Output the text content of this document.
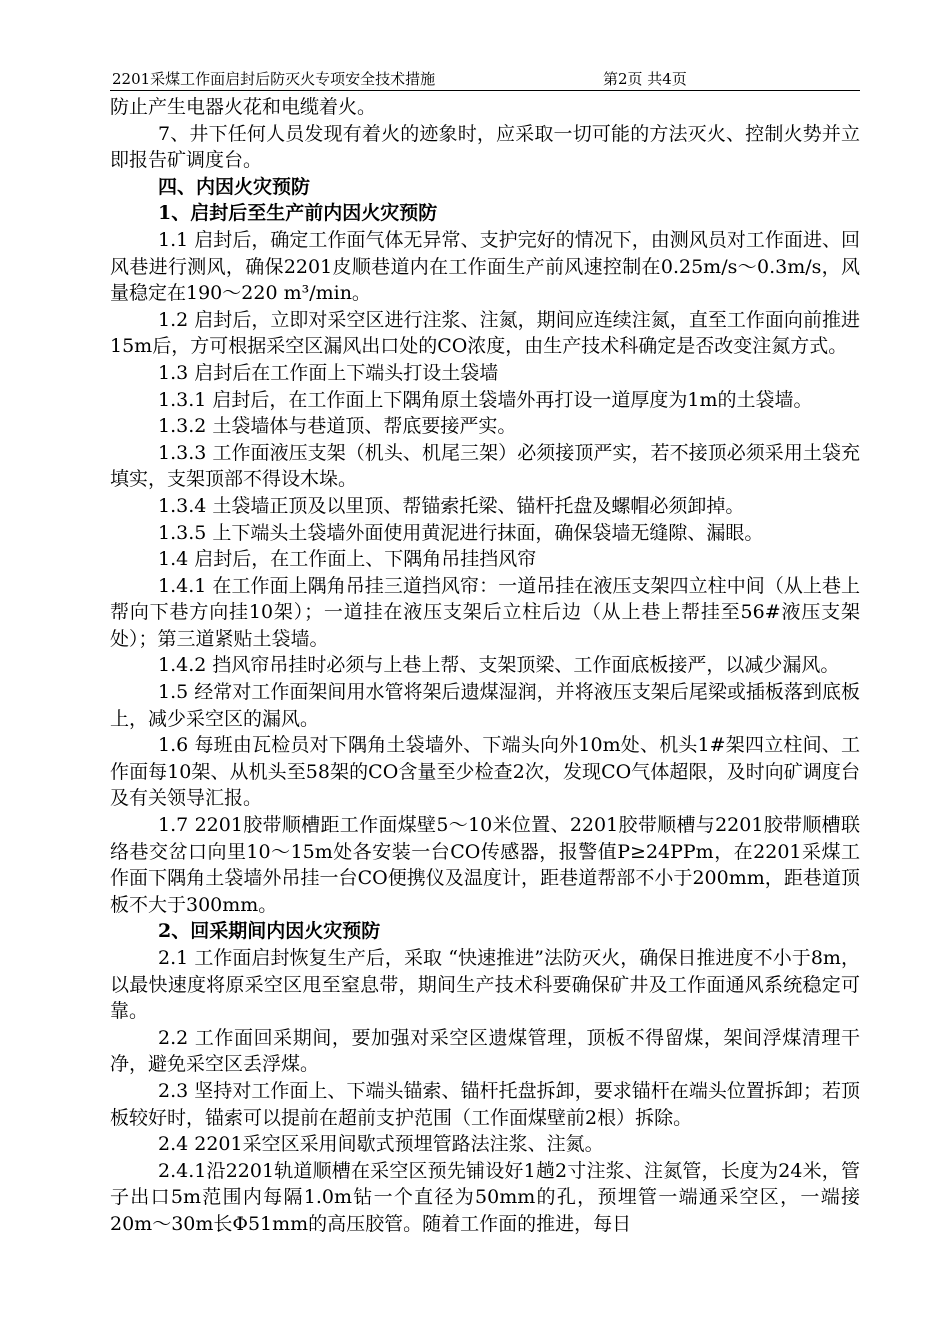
2201采煤工作面启封后防灭火专项安全技术措施	第2页 共4页

防止产生电器火花和电缆着火。

7、井下任何人员发现有着火的迹象时，应采取一切可能的方法灭火、控制火势并立即报告矿调度台。

四、内因火灾预防

1、启封后至生产前内因火灾预防

1.1 启封后，确定工作面气体无异常、支护完好的情况下，由测风员对工作面进、回风巷进行测风，确保2201皮顺巷道内在工作面生产前风速控制在0.25m/s～0.3m/s，风量稳定在190～220 m³/min。

1.2 启封后，立即对采空区进行注浆、注氮，期间应连续注氮，直至工作面向前推进15m后，方可根据采空区漏风出口处的CO浓度，由生产技术科确定是否改变注氮方式。

1.3 启封后在工作面上下端头打设土袋墙

1.3.1 启封后，在工作面上下隅角原土袋墙外再打设一道厚度为1m的土袋墙。

1.3.2 土袋墙体与巷道顶、帮底要接严实。

1.3.3 工作面液压支架（机头、机尾三架）必须接顶严实，若不接顶必须采用土袋充填实，支架顶部不得设木垛。

1.3.4 土袋墙正顶及以里顶、帮锚索托梁、锚杆托盘及螺帽必须卸掉。

1.3.5 上下端头土袋墙外面使用黄泥进行抹面，确保袋墙无缝隙、漏眼。

1.4 启封后，在工作面上、下隅角吊挂挡风帘

1.4.1 在工作面上隅角吊挂三道挡风帘：一道吊挂在液压支架四立柱中间（从上巷上帮向下巷方向挂10架）；一道挂在液压支架后立柱后边（从上巷上帮挂至56#液压支架处）；第三道紧贴土袋墙。

1.4.2 挡风帘吊挂时必须与上巷上帮、支架顶梁、工作面底板接严，以减少漏风。

1.5 经常对工作面架间用水管将架后遗煤湿润，并将液压支架后尾梁或插板落到底板上，减少采空区的漏风。

1.6 每班由瓦检员对下隅角土袋墙外、下端头向外10m处、机头1#架四立柱间、工作面每10架、从机头至58架的CO含量至少检查2次，发现CO气体超限，及时向矿调度台及有关领导汇报。

1.7 2201胶带顺槽距工作面煤壁5～10米位置、2201胶带顺槽与2201胶带顺槽联络巷交岔口向里10～15m处各安装一台CO传感器，报警值P≥24PPm，在2201采煤工作面下隅角土袋墙外吊挂一台CO便携仪及温度计，距巷道帮部不小于200mm，距巷道顶板不大于300mm。

2、回采期间内因火灾预防

2.1 工作面启封恢复生产后，采取 “快速推进”法防灭火，确保日推进度不小于8m，以最快速度将原采空区甩至窒息带，期间生产技术科要确保矿井及工作面通风系统稳定可靠。

2.2 工作面回采期间，要加强对采空区遗煤管理，顶板不得留煤，架间浮煤清理干净，避免采空区丢浮煤。

2.3 坚持对工作面上、下端头锚索、锚杆托盘拆卸，要求锚杆在端头位置拆卸；若顶板较好时，锚索可以提前在超前支护范围（工作面煤壁前2根）拆除。

2.4 2201采空区采用间歇式预埋管路法注浆、注氮。

2.4.1沿2201轨道顺槽在采空区预先铺设好1趟2寸注浆、注氮管，长度为24米，管子出口5m范围内每隔1.0m钻一个直径为50mm的孔，预埋管一端通采空区，一端接20m～30m长Φ51mm的高压胶管。随着工作面的推进，每日
